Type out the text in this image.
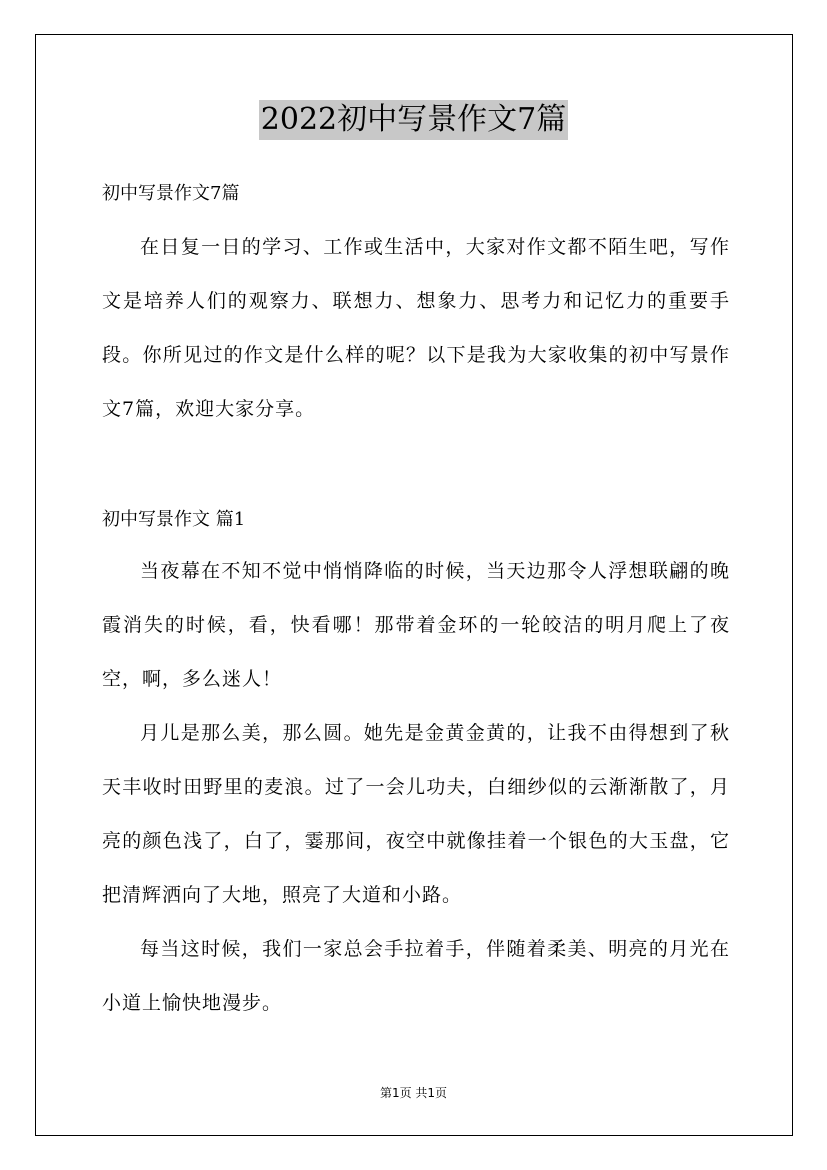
2022初中写景作文7篇
初中写景作文7篇

在日复一日的学习、工作或生活中，大家对作文都不陌生吧，写作文是培养人们的观察力、联想力、想象力、思考力和记忆力的重要手段。你所见过的作文是什么样的呢？以下是我为大家收集的初中写景作文7篇，欢迎大家分享。

初中写景作文 篇1

当夜幕在不知不觉中悄悄降临的时候，当天边那令人浮想联翩的晚霞消失的时候，看，快看哪！那带着金环的一轮皎洁的明月爬上了夜空，啊，多么迷人！

月儿是那么美，那么圆。她先是金黄金黄的，让我不由得想到了秋天丰收时田野里的麦浪。过了一会儿功夫，白细纱似的云渐渐散了，月亮的颜色浅了，白了，霎那间，夜空中就像挂着一个银色的大玉盘，它把清辉洒向了大地，照亮了大道和小路。

每当这时候，我们一家总会手拉着手，伴随着柔美、明亮的月光在小道上愉快地漫步。

第1页 共1页
